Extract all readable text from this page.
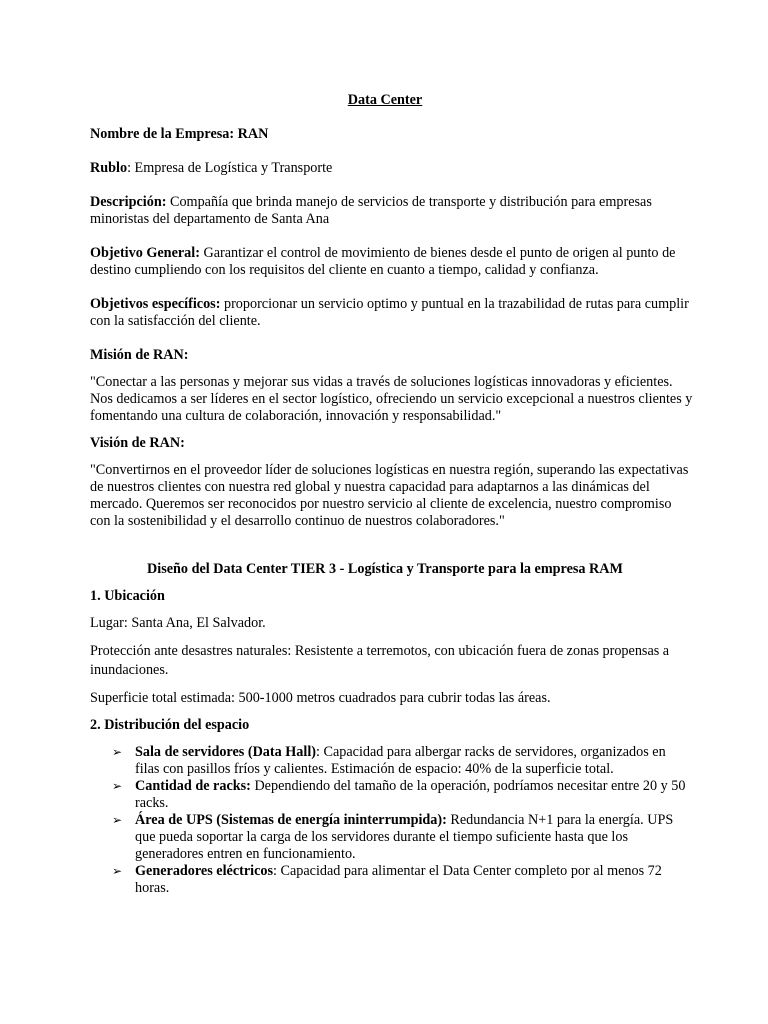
Data Center
Nombre de la Empresa: RAN
Rublo: Empresa de Logística y Transporte
Descripción: Compañía que brinda manejo de servicios de transporte y distribución para empresas
minoristas del departamento de Santa Ana
Objetivo General: Garantizar el control de movimiento de bienes desde el punto de origen al punto de
destino cumpliendo con los requisitos del cliente en cuanto a tiempo, calidad y confianza.
Objetivos específicos: proporcionar un servicio optimo y puntual en la trazabilidad de rutas para cumplir
con la satisfacción del cliente.
Misión de RAN:
"Conectar a las personas y mejorar sus vidas a través de soluciones logísticas innovadoras y eficientes.
Nos dedicamos a ser líderes en el sector logístico, ofreciendo un servicio excepcional a nuestros clientes y
fomentando una cultura de colaboración, innovación y responsabilidad."
Visión de RAN:
"Convertirnos en el proveedor líder de soluciones logísticas en nuestra región, superando las expectativas
de nuestros clientes con nuestra red global y nuestra capacidad para adaptarnos a las dinámicas del
mercado. Queremos ser reconocidos por nuestro servicio al cliente de excelencia, nuestro compromiso
con la sostenibilidad y el desarrollo continuo de nuestros colaboradores."
Diseño del Data Center TIER 3 - Logística y Transporte para la empresa RAM
1. Ubicación
Lugar: Santa Ana, El Salvador.
Protección ante desastres naturales: Resistente a terremotos, con ubicación fuera de zonas propensas a
inundaciones.
Superficie total estimada: 500-1000 metros cuadrados para cubrir todas las áreas.
2. Distribución del espacio
➢ Sala de servidores (Data Hall): Capacidad para albergar racks de servidores, organizados en
filas con pasillos fríos y calientes. Estimación de espacio: 40% de la superficie total.
➢ Cantidad de racks: Dependiendo del tamaño de la operación, podríamos necesitar entre 20 y 50
racks.
➢ Área de UPS (Sistemas de energía ininterrumpida): Redundancia N+1 para la energía. UPS
que pueda soportar la carga de los servidores durante el tiempo suficiente hasta que los
generadores entren en funcionamiento.
➢ Generadores eléctricos: Capacidad para alimentar el Data Center completo por al menos 72
horas.
